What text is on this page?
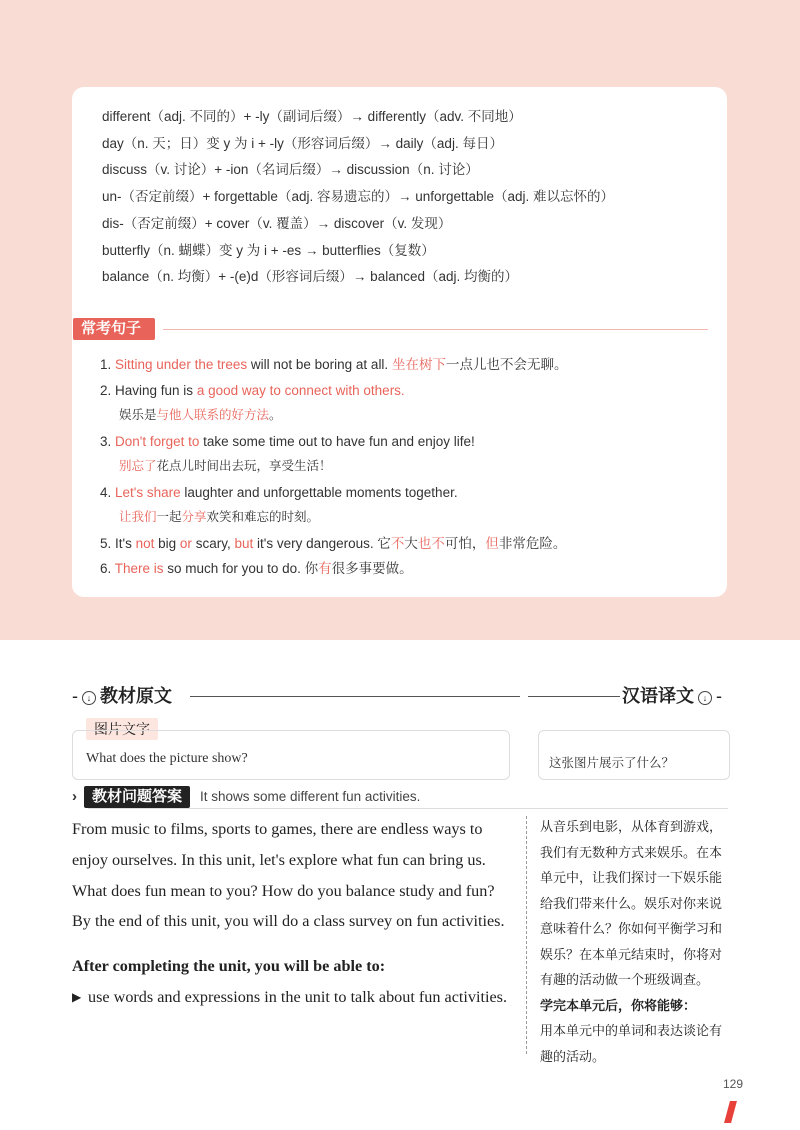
different（adj. 不同的）+ -ly（副词后缀）→ differently（adv. 不同地）
day（n. 天；日）变 y 为 i + -ly（形容词后缀）→ daily（adj. 每日）
discuss（v. 讨论）+ -ion（名词后缀）→ discussion（n. 讨论）
un-（否定前缀）+ forgettable（adj. 容易遗忘的）→ unforgettable（adj. 难以忘怀的）
dis-（否定前缀）+ cover（v. 覆盖）→ discover（v. 发现）
butterfly（n. 蝴蝶）变 y 为 i + -es → butterflies（复数）
balance（n. 均衡）+ -(e)d（形容词后缀）→ balanced（adj. 均衡的）
常考句子
1. Sitting under the trees will not be boring at all. 坐在树下一点儿也不会无聊。
2. Having fun is a good way to connect with others.
娱乐是与他人联系的好方法。
3. Don't forget to take some time out to have fun and enjoy life!
别忘了花点儿时间出去玩，享受生活！
4. Let's share laughter and unforgettable moments together.
让我们一起分享欢笑和难忘的时刻。
5. It's not big or scary, but it's very dangerous. 它不大也不可怕，但非常危险。
6. There is so much for you to do. 你有很多事要做。
- ↓ 教材原文	汉语译文 ↓ -
图片文字
What does the picture show?	这张图片展示了什么？
› 教材问题答案 It shows some different fun activities.
From music to films, sports to games, there are endless ways to enjoy ourselves. In this unit, let's explore what fun can bring us. What does fun mean to you? How do you balance study and fun? By the end of this unit, you will do a class survey on fun activities.
After completing the unit, you will be able to:
▶ use words and expressions in the unit to talk about fun activities.
从音乐到电影，从体育到游戏，我们有无数种方式来娱乐。在本单元中，让我们探讨一下娱乐能给我们带来什么。娱乐对你来说意味着什么？你如何平衡学习和娱乐？在本单元结束时，你将对有趣的活动做一个班级调查。
学完本单元后，你将能够：
用本单元中的单词和表达谈论有趣的活动。
129
